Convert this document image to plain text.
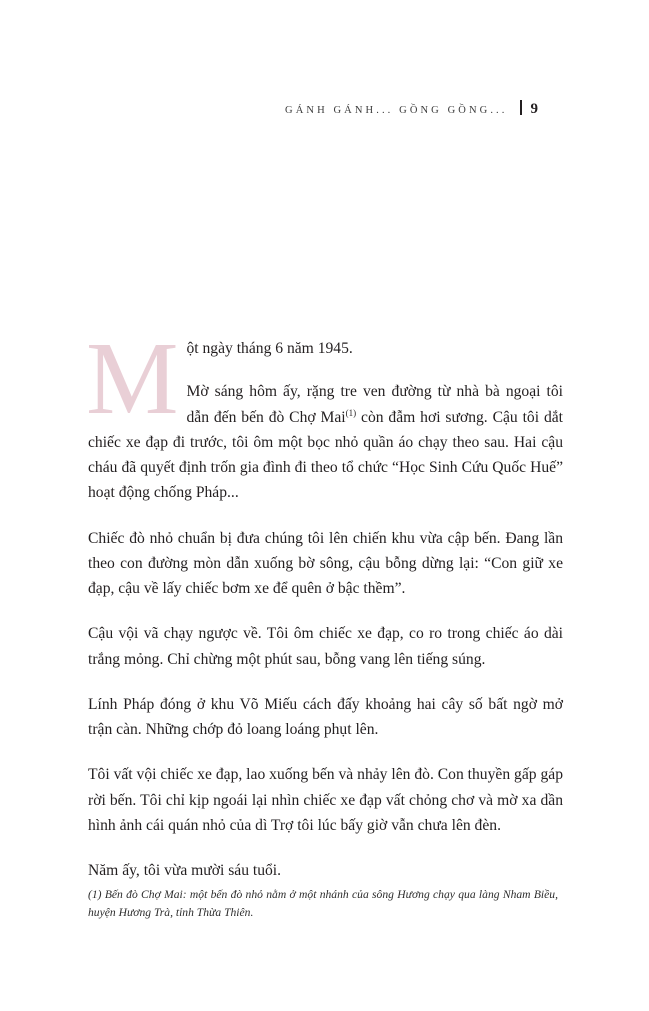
GÁNH GÁNH... GỒNG GỒNG... 9

Một ngày tháng 6 năm 1945.

Mờ sáng hôm ấy, rặng tre ven đường từ nhà bà ngoại tôi dẫn đến bến đò Chợ Mai$^{(1)}$ còn đẫm hơi sương. Cậu tôi dắt chiếc xe đạp đi trước, tôi ôm một bọc nhỏ quần áo chạy theo sau. Hai cậu cháu đã quyết định trốn gia đình đi theo tổ chức “Học Sinh Cứu Quốc Huế” hoạt động chống Pháp...

Chiếc đò nhỏ chuẩn bị đưa chúng tôi lên chiến khu vừa cập bến. Đang lần theo con đường mòn dẫn xuống bờ sông, cậu bỗng dừng lại: “Con giữ xe đạp, cậu về lấy chiếc bơm xe để quên ở bậc thềm”.

Cậu vội vã chạy ngược về. Tôi ôm chiếc xe đạp, co ro trong chiếc áo dài trắng mỏng. Chỉ chừng một phút sau, bỗng vang lên tiếng súng.

Lính Pháp đóng ở khu Võ Miếu cách đấy khoảng hai cây số bất ngờ mở trận càn. Những chớp đỏ loang loáng phụt lên.

Tôi vất vội chiếc xe đạp, lao xuống bến và nhảy lên đò. Con thuyền gấp gáp rời bến. Tôi chỉ kịp ngoái lại nhìn chiếc xe đạp vất chỏng chơ và mờ xa dần hình ảnh cái quán nhỏ của dì Trợ tôi lúc bấy giờ vẫn chưa lên đèn.

Năm ấy, tôi vừa mười sáu tuổi.

(1) Bến đò Chợ Mai: một bến đò nhỏ nằm ở một nhánh của sông Hương chạy qua làng Nham Biều, huyện Hương Trà, tỉnh Thừa Thiên.
